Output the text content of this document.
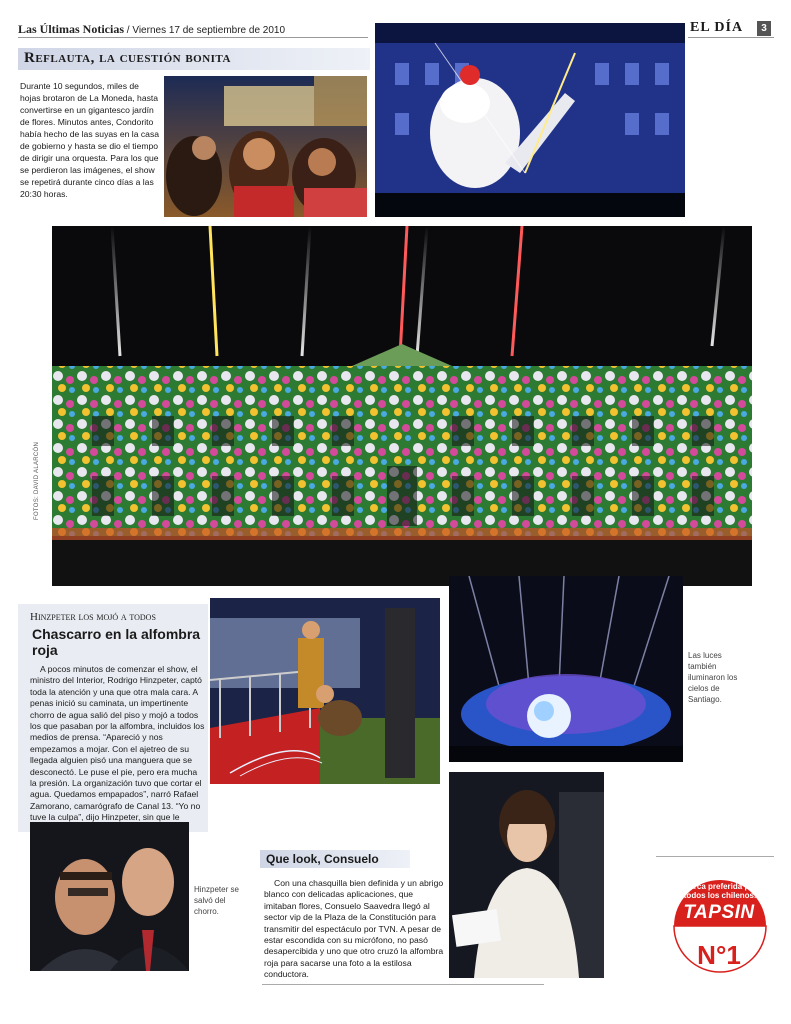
Las Últimas Noticias / Viernes 17 de septiembre de 2010	EL DÍA	3
Reflauta, la cuestión bonita
Durante 10 segundos, miles de hojas brotaron de La Moneda, hasta convertirse en un gigantesco jardín de flores. Minutos antes, Condorito había hecho de las suyas en la casa de gobierno y hasta se dio el tiempo de dirigir una orquesta. Para los que se perdieron las imágenes, el show se repetirá durante cinco días a las 20:30 horas.
FOTOS: DAVID ALARCÓN
Hinzpeter los mojó a todos
Chascarro en la alfombra roja
A pocos minutos de comenzar el show, el ministro del Interior, Rodrigo Hinzpeter, captó toda la atención y una que otra mala cara. A penas inició su caminata, un impertinente chorro de agua salió del piso y mojó a todos los que pasaban por la alfombra, incluidos los medios de prensa. “Apareció y nos empezamos a mojar. Con el ajetreo de su llegada alguien pisó una manguera que se desconectó. Le puse el pie, pero era mucha la presión. La organización tuvo que cortar el agua. Quedamos empapados”, narró Rafael Zamorano, camarógrafo de Canal 13. “Yo no tuve la culpa”, dijo Hinzpeter, sin que le
Las luces también iluminaron los cielos de Santiago.
Hinzpeter se salvó del chorro.
Que look, Consuelo
Con una chasquilla bien definida y un abrigo blanco con delicadas aplicaciones, que imitaban flores, Consuelo Saavedra llegó al sector vip de la Plaza de la Constitución para transmitir del espectáculo por TVN. A pesar de estar escondida con su micrófono, no pasó desapercibida y uno que otro cruzó la alfombra roja para sacarse una foto a la estilosa conductora.
Marca preferida por todos los chilenos.
TAPSIN
N°1
